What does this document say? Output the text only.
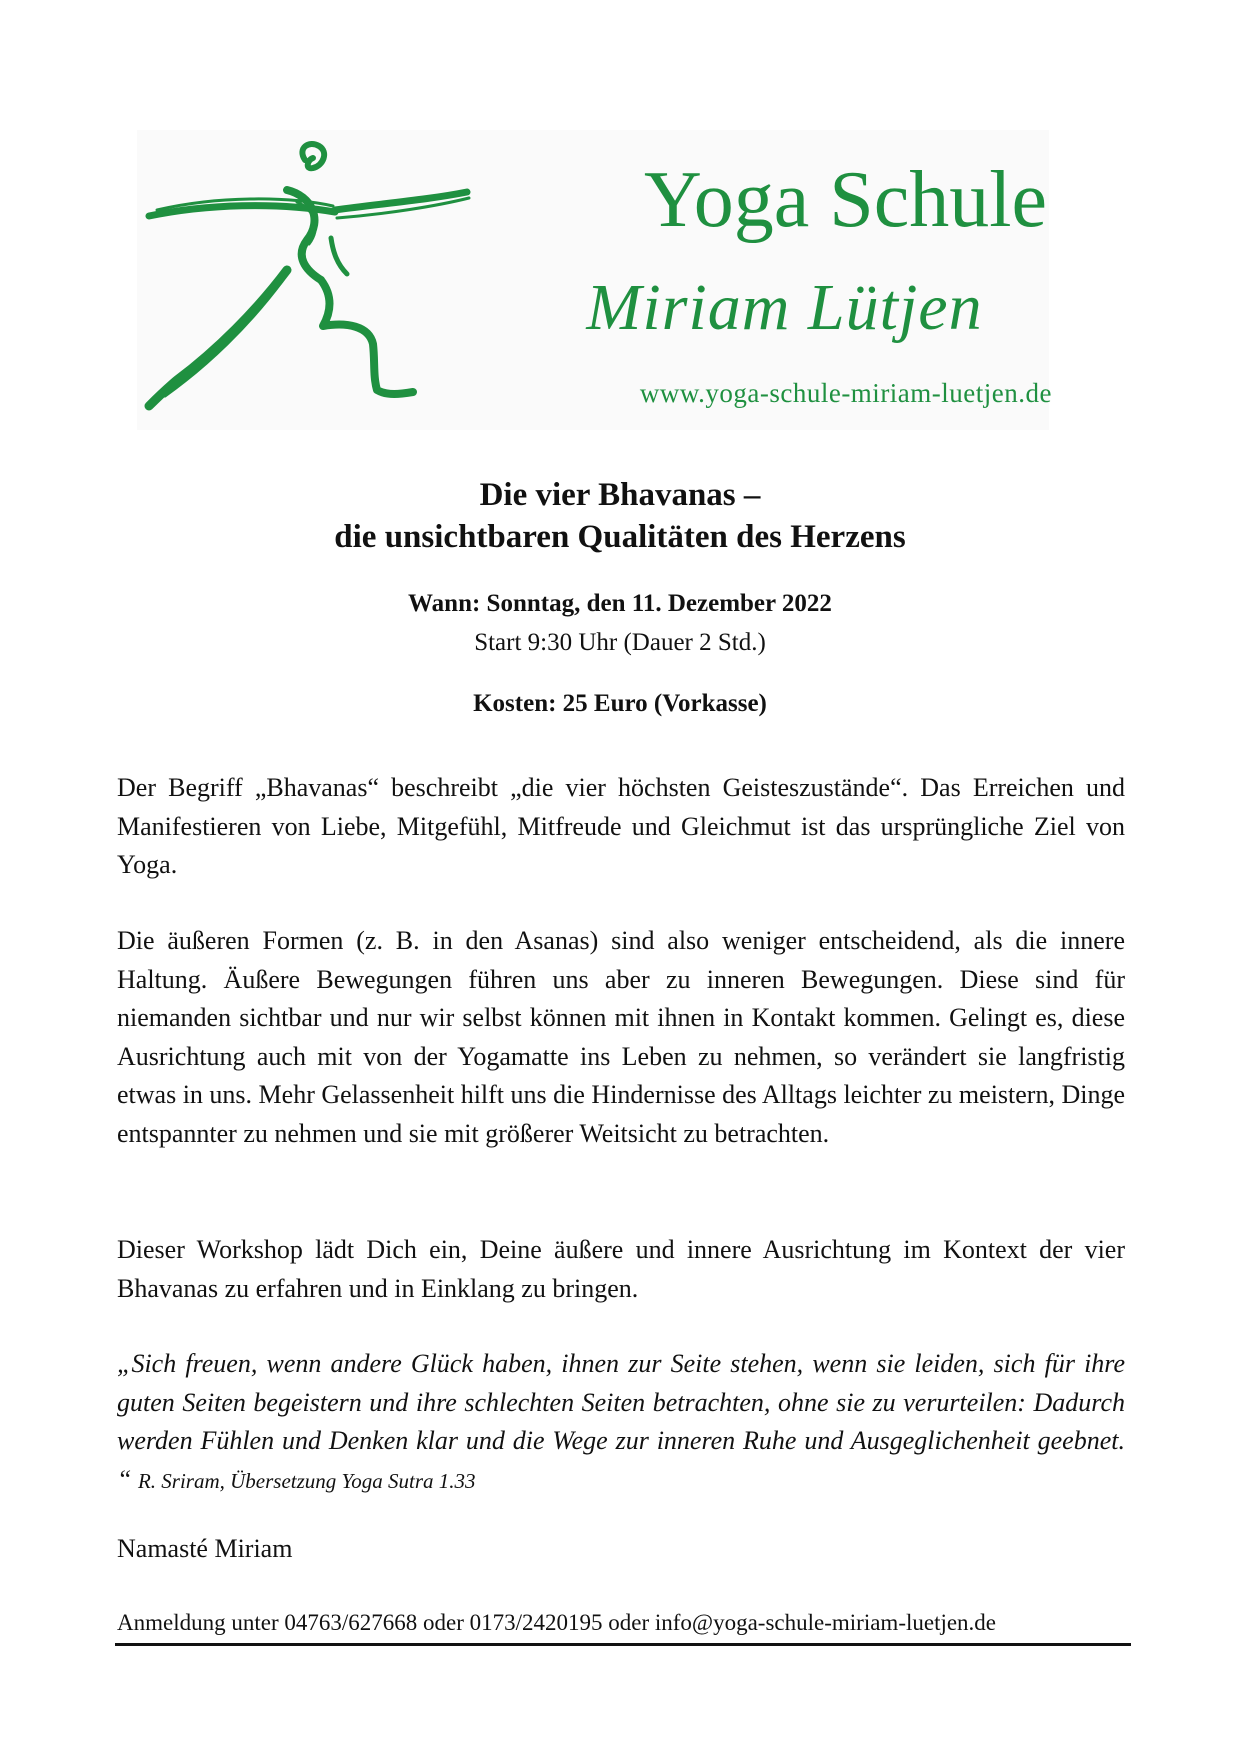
Yoga Schule
Miriam Lütjen
www.yoga-schule-miriam-luetjen.de
Die vier Bhavanas –
die unsichtbaren Qualitäten des Herzens
Wann: Sonntag, den 11. Dezember 2022
Start 9:30 Uhr (Dauer 2 Std.)
Kosten: 25 Euro (Vorkasse)

Der Begriff „Bhavanas“ beschreibt „die vier höchsten Geisteszustände“. Das Erreichen und Manifestieren von Liebe, Mitgefühl, Mitfreude und Gleichmut ist das ursprüngliche Ziel von Yoga.

Die äußeren Formen (z. B. in den Asanas) sind also weniger entscheidend, als die innere Haltung. Äußere Bewegungen führen uns aber zu inneren Bewegungen. Diese sind für niemanden sichtbar und nur wir selbst können mit ihnen in Kontakt kommen. Gelingt es, diese Ausrichtung auch mit von der Yogamatte ins Leben zu nehmen, so verändert sie langfristig etwas in uns. Mehr Gelassenheit hilft uns die Hindernisse des Alltags leichter zu meistern, Dinge entspannter zu nehmen und sie mit größerer Weitsicht zu betrachten.

Dieser Workshop lädt Dich ein, Deine äußere und innere Ausrichtung im Kontext der vier Bhavanas zu erfahren und in Einklang zu bringen.

„Sich freuen, wenn andere Glück haben, ihnen zur Seite stehen, wenn sie leiden, sich für ihre guten Seiten begeistern und ihre schlechten Seiten betrachten, ohne sie zu verurteilen: Dadurch werden Fühlen und Denken klar und die Wege zur inneren Ruhe und Ausgeglichenheit geebnet. “ R. Sriram, Übersetzung Yoga Sutra 1.33

Namasté Miriam
Anmeldung unter 04763/627668 oder 0173/2420195 oder info@yoga-schule-miriam-luetjen.de
